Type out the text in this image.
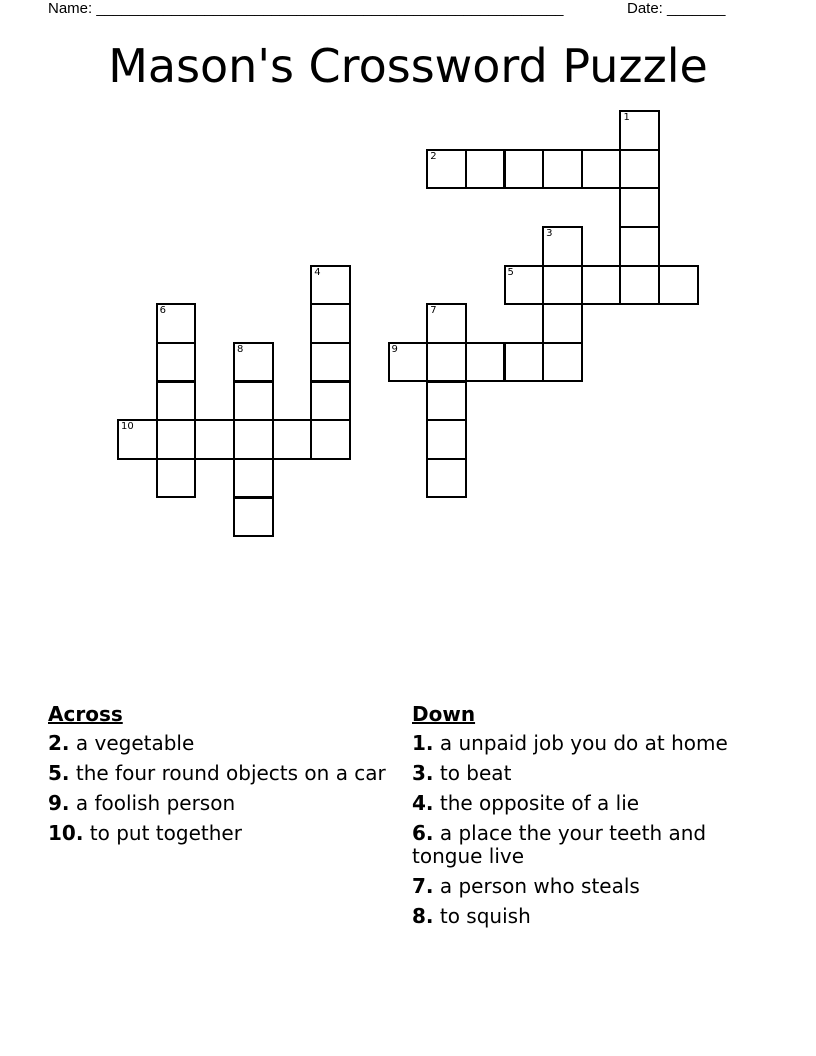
Name: ________________________________________________________	Date: _______
Mason's Crossword Puzzle
1
2
3
4	5
6	7
8	9
10
Across
2. a vegetable
5. the four round objects on a car
9. a foolish person
10. to put together
Down
1. a unpaid job you do at home
3. to beat
4. the opposite of a lie
6. a place the your teeth and tongue live
7. a person who steals
8. to squish
